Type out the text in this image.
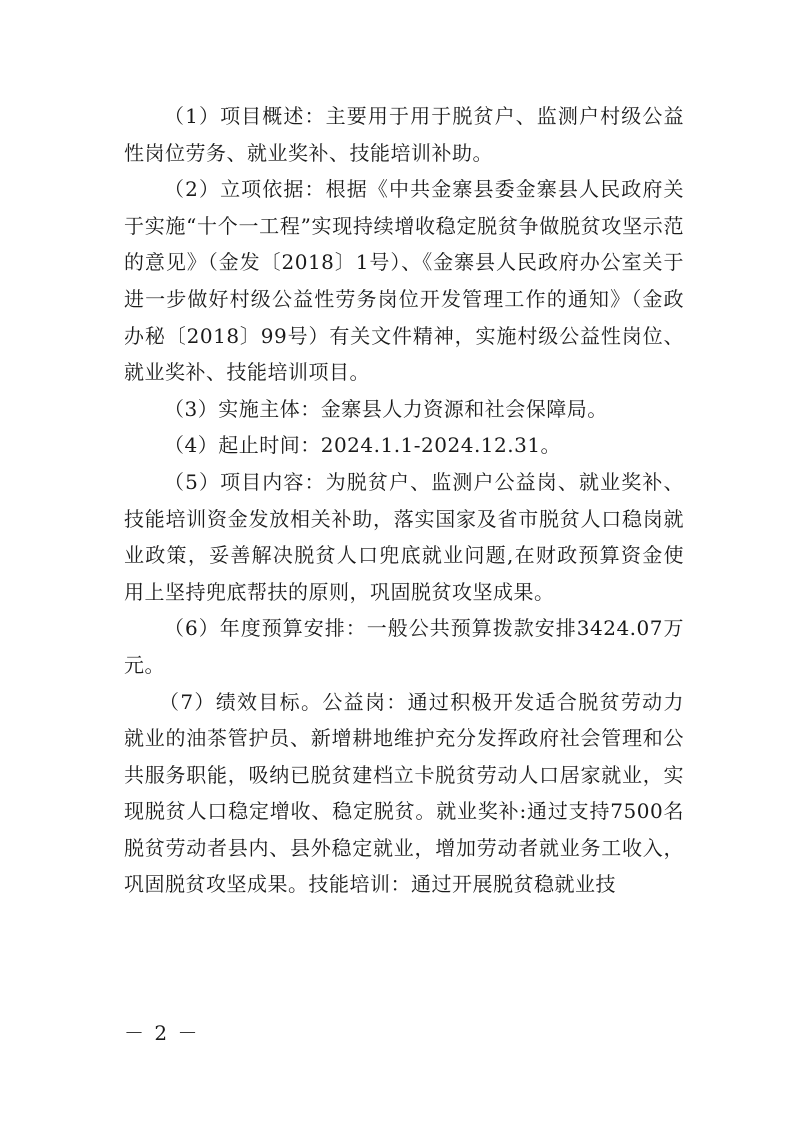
（1）项目概述：主要用于用于脱贫户、监测户村级公益性岗位劳务、就业奖补、技能培训补助。

（2）立项依据：根据《中共金寨县委金寨县人民政府关于实施“十个一工程”实现持续增收稳定脱贫争做脱贫攻坚示范的意见》（金发〔2018〕1号）、《金寨县人民政府办公室关于进一步做好村级公益性劳务岗位开发管理工作的通知》（金政办秘〔2018〕99号）有关文件精神，实施村级公益性岗位、就业奖补、技能培训项目。

（3）实施主体：金寨县人力资源和社会保障局。

（4）起止时间：2024.1.1-2024.12.31。

（5）项目内容：为脱贫户、监测户公益岗、就业奖补、技能培训资金发放相关补助，落实国家及省市脱贫人口稳岗就业政策，妥善解决脱贫人口兜底就业问题,在财政预算资金使用上坚持兜底帮扶的原则，巩固脱贫攻坚成果。

（6）年度预算安排：一般公共预算拨款安排3424.07万元。

（7）绩效目标。公益岗：通过积极开发适合脱贫劳动力就业的油茶管护员、新增耕地维护充分发挥政府社会管理和公共服务职能，吸纳已脱贫建档立卡脱贫劳动人口居家就业，实现脱贫人口稳定增收、稳定脱贫。就业奖补:通过支持7500名脱贫劳动者县内、县外稳定就业，增加劳动者就业务工收入，巩固脱贫攻坚成果。技能培训：通过开展脱贫稳就业技

－ 2 －
